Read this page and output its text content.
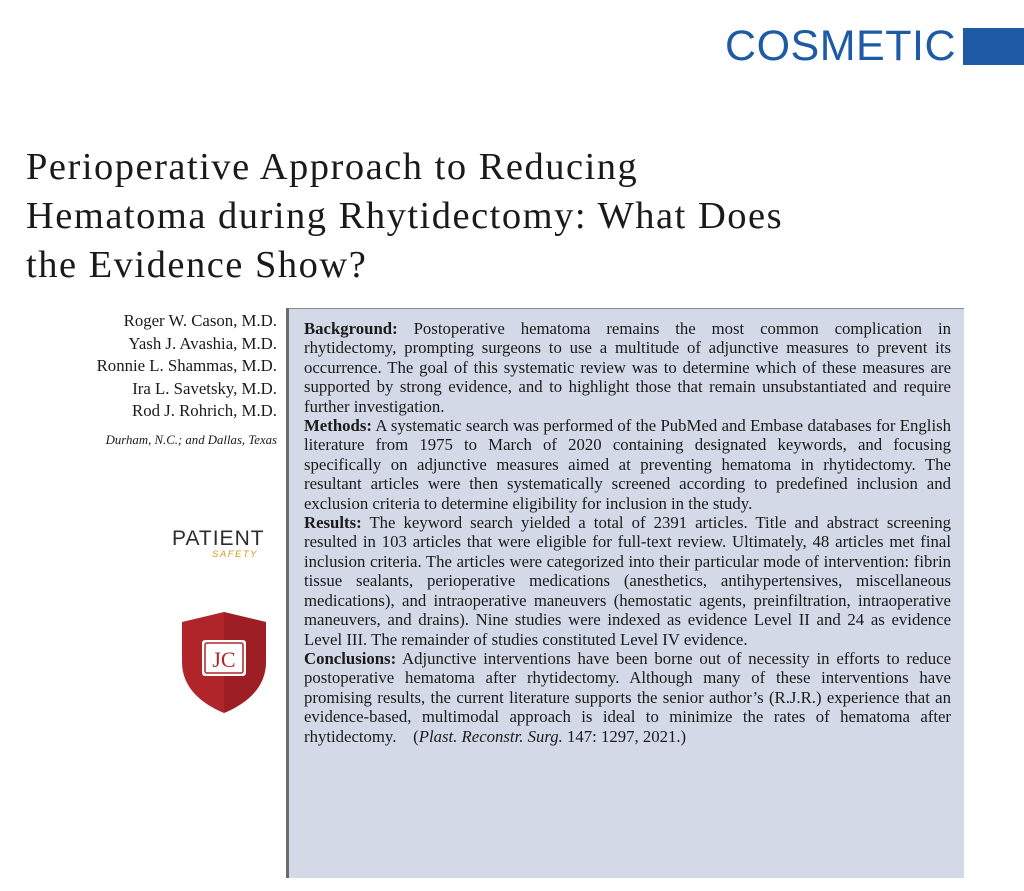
COSMETIC
Perioperative Approach to Reducing
Hematoma during Rhytidectomy: What Does
the Evidence Show?
Roger W. Cason, M.D.
Yash J. Avashia, M.D.
Ronnie L. Shammas, M.D.
Ira L. Savetsky, M.D.
Rod J. Rohrich, M.D.
Durham, N.C.; and Dallas, Texas
PATIENT
SAFETY
JC

Background: Postoperative hematoma remains the most common complication in rhytidectomy, prompting surgeons to use a multitude of adjunctive measures to prevent its occurrence. The goal of this systematic review was to determine which of these measures are supported by strong evidence, and to highlight those that remain unsubstantiated and require further investigation.

Methods: A systematic search was performed of the PubMed and Embase databases for English literature from 1975 to March of 2020 containing designated keywords, and focusing specifically on adjunctive measures aimed at preventing hematoma in rhytidectomy. The resultant articles were then systematically screened according to predefined inclusion and exclusion criteria to determine eligibility for inclusion in the study.

Results: The keyword search yielded a total of 2391 articles. Title and abstract screening resulted in 103 articles that were eligible for full-text review. Ultimately, 48 articles met final inclusion criteria. The articles were categorized into their particular mode of intervention: fibrin tissue sealants, perioperative medications (anesthetics, antihypertensives, miscellaneous medications), and intraoperative maneuvers (hemostatic agents, preinfiltration, intraoperative maneuvers, and drains). Nine studies were indexed as evidence Level II and 24 as evidence Level III. The remainder of studies constituted Level IV evidence.

Conclusions: Adjunctive interventions have been borne out of necessity in efforts to reduce postoperative hematoma after rhytidectomy. Although many of these interventions have promising results, the current literature supports the senior author’s (R.J.R.) experience that an evidence-based, multimodal approach is ideal to minimize the rates of hematoma after rhytidectomy.    (Plast. Reconstr. Surg. 147: 1297, 2021.)
